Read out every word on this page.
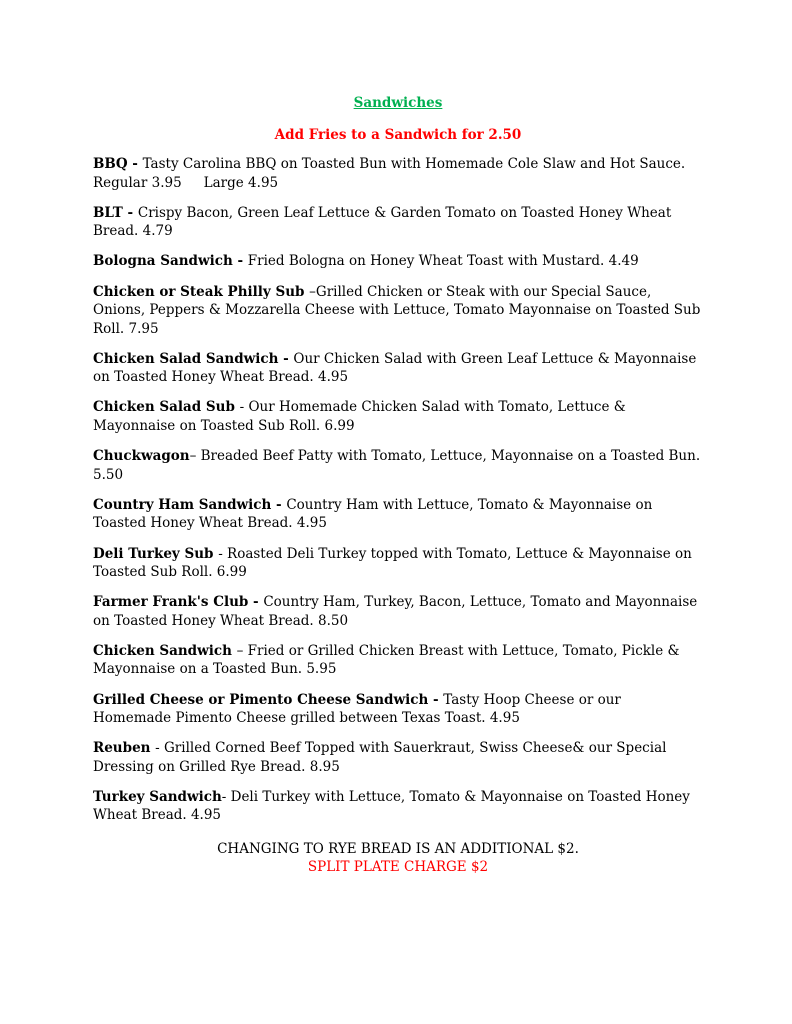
Sandwiches
Add Fries to a Sandwich for 2.50
BBQ - Tasty Carolina BBQ on Toasted Bun with Homemade Cole Slaw and Hot Sauce.
Regular 3.95 Large 4.95
BLT - Crispy Bacon, Green Leaf Lettuce & Garden Tomato on Toasted Honey Wheat Bread. 4.79
Bologna Sandwich - Fried Bologna on Honey Wheat Toast with Mustard. 4.49
Chicken or Steak Philly Sub –Grilled Chicken or Steak with our Special Sauce, Onions, Peppers & Mozzarella Cheese with Lettuce, Tomato Mayonnaise on Toasted Sub Roll. 7.95
Chicken Salad Sandwich - Our Chicken Salad with Green Leaf Lettuce & Mayonnaise on Toasted Honey Wheat Bread. 4.95
Chicken Salad Sub - Our Homemade Chicken Salad with Tomato, Lettuce & Mayonnaise on Toasted Sub Roll. 6.99
Chuckwagon– Breaded Beef Patty with Tomato, Lettuce, Mayonnaise on a Toasted Bun. 5.50
Country Ham Sandwich - Country Ham with Lettuce, Tomato & Mayonnaise on Toasted Honey Wheat Bread. 4.95
Deli Turkey Sub - Roasted Deli Turkey topped with Tomato, Lettuce & Mayonnaise on Toasted Sub Roll. 6.99
Farmer Frank's Club - Country Ham, Turkey, Bacon, Lettuce, Tomato and Mayonnaise on Toasted Honey Wheat Bread. 8.50
Chicken Sandwich – Fried or Grilled Chicken Breast with Lettuce, Tomato, Pickle & Mayonnaise on a Toasted Bun. 5.95
Grilled Cheese or Pimento Cheese Sandwich - Tasty Hoop Cheese or our Homemade Pimento Cheese grilled between Texas Toast. 4.95
Reuben - Grilled Corned Beef Topped with Sauerkraut, Swiss Cheese& our Special Dressing on Grilled Rye Bread. 8.95
Turkey Sandwich- Deli Turkey with Lettuce, Tomato & Mayonnaise on Toasted Honey Wheat Bread. 4.95
CHANGING TO RYE BREAD IS AN ADDITIONAL $2.
SPLIT PLATE CHARGE $2
